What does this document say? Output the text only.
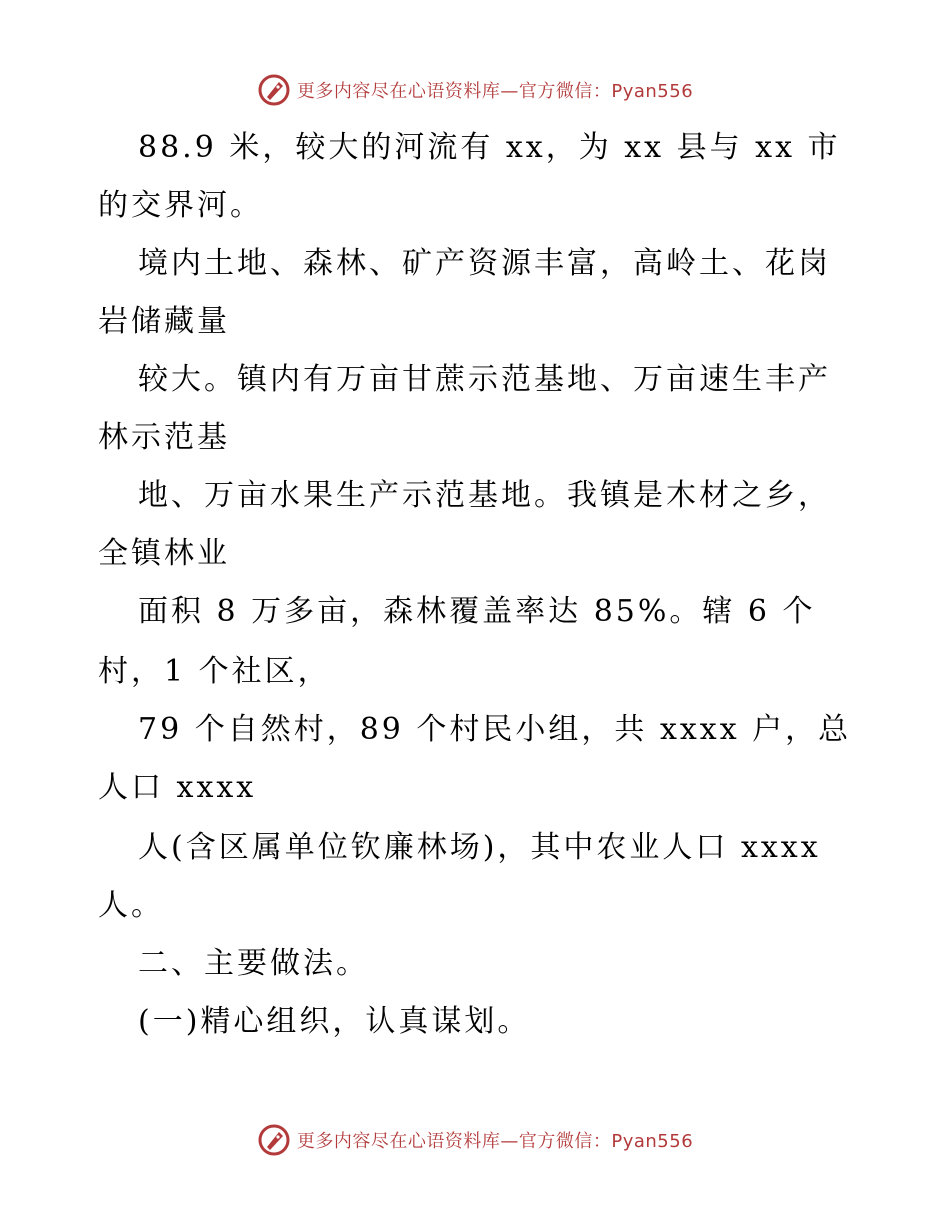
更多内容尽在心语资料库—官方微信：Pyan556
88.9 米，较大的河流有 xx，为 xx 县与 xx 市
的交界河。
境内土地、森林、矿产资源丰富，高岭土、花岗
岩储藏量
较大。镇内有万亩甘蔗示范基地、万亩速生丰产
林示范基
地、万亩水果生产示范基地。我镇是木材之乡，
全镇林业
面积 8 万多亩，森林覆盖率达 85%。辖 6 个
村，1 个社区，
79 个自然村，89 个村民小组，共 xxxx 户，总
人口 xxxx
人(含区属单位钦廉林场)，其中农业人口 xxxx
人。
二、主要做法。
(一)精心组织，认真谋划。
更多内容尽在心语资料库—官方微信：Pyan556
